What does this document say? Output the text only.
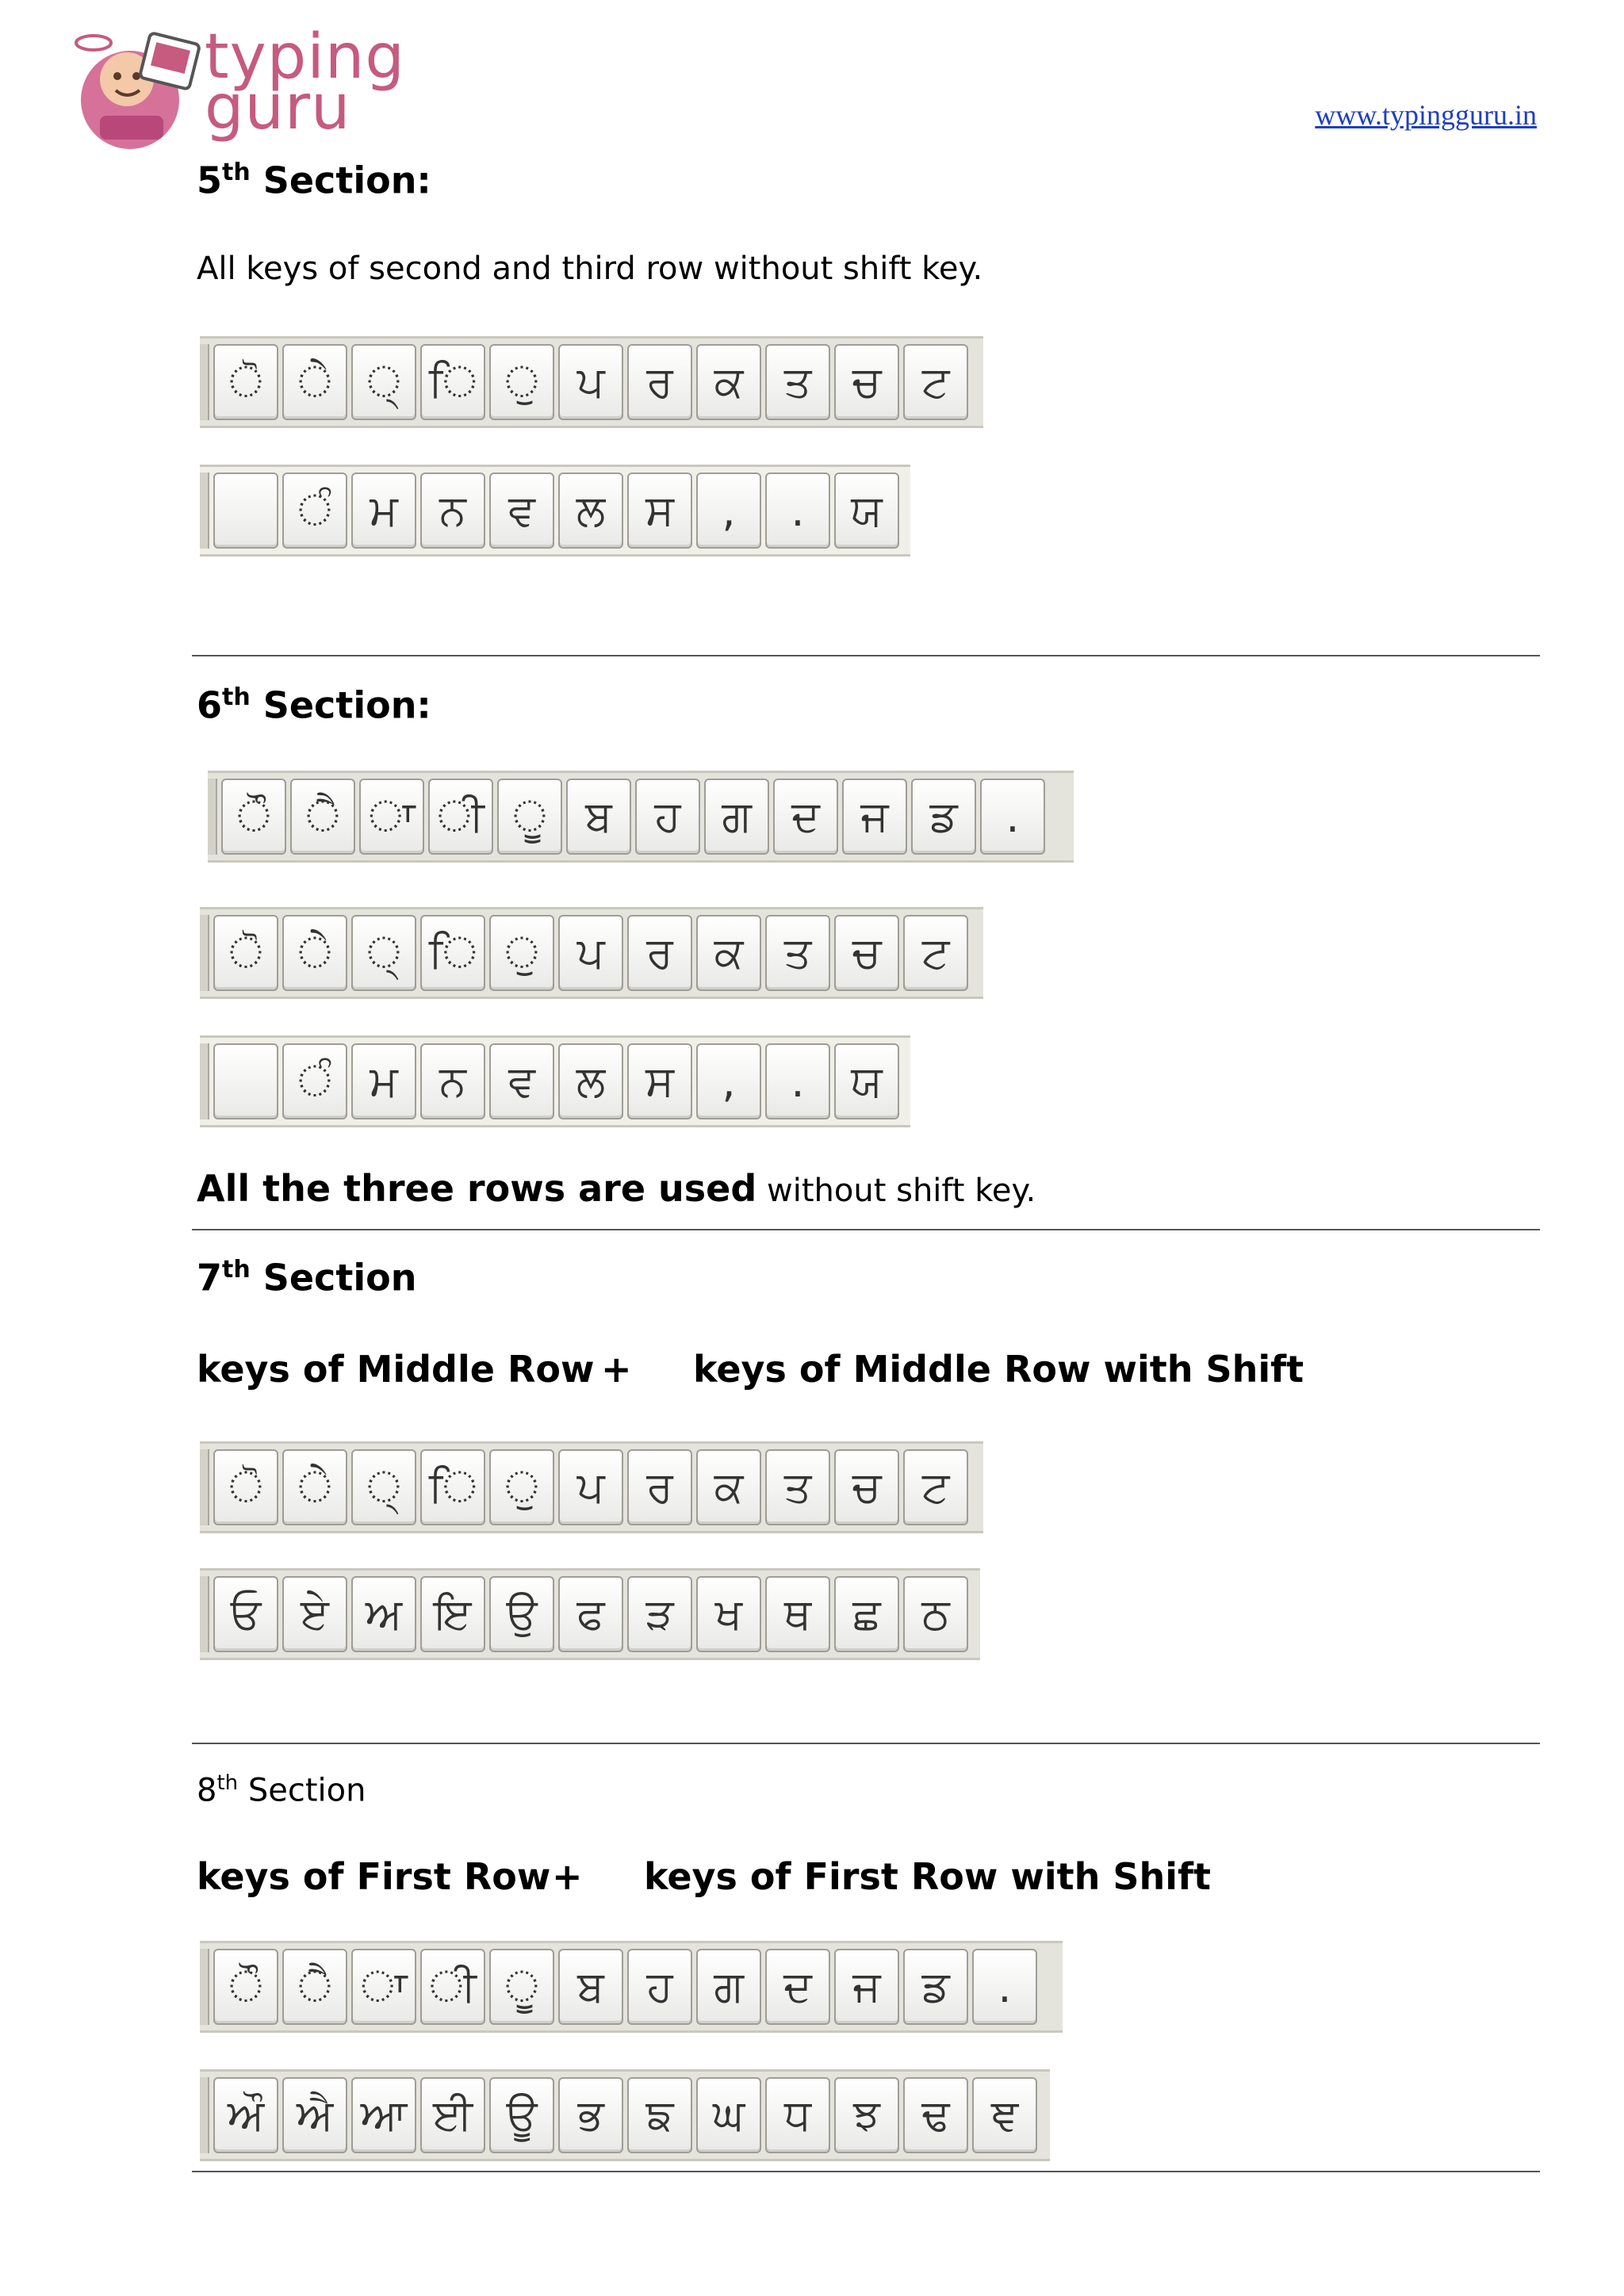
typing
guru	www.typingguru.in
5th Section:
All keys of second and third row without shift key.
ੋ ੇ ੍ ਿ ੁ ਪ ਰ ਕ ਤ ਚ ਟ
ੰ ਮ ਨ ਵ ਲ ਸ	,	.	ਯ
6th Section:
ੌ ੈ ਾ ੀ ੂ ਬ ਹ ਗ ਦ ਜ ਡ	.
ੋ ੇ ੍ ਿ ੁ ਪ ਰ ਕ ਤ ਚ ਟ
ੰ ਮ ਨ ਵ ਲ ਸ	,	.	ਯ
All the three rows are used without shift key.
7th Section
keys of Middle Row + keys of Middle Row with Shift
ੋ ੇ ੍ ਿ ੁ ਪ ਰ ਕ ਤ ਚ ਟ
ਓ ਏ ਅ ਇ ਉ ਫ ੜ ਖ ਥ ਛ ਠ
8th Section
keys of First Row + keys of First Row with Shift
ੌ ੈ ਾ ੀ ੂ ਬ ਹ ਗ ਦ ਜ ਡ	.
ਔ ਐ ਆ ਈ ਊ ਭ ਙ ਘ ਧ ਝ ਢ ਞ
